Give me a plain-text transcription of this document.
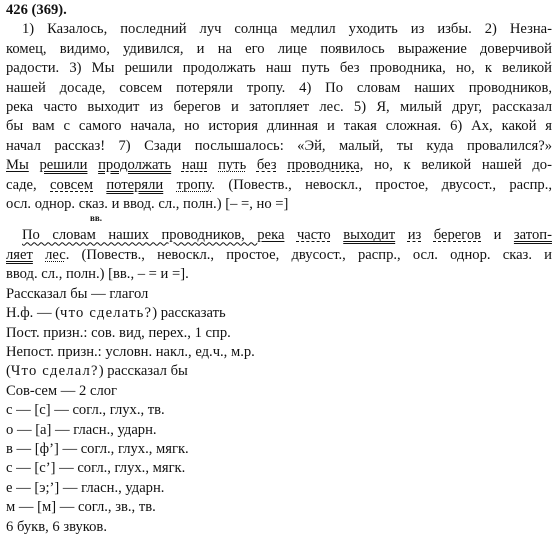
426 (369).
1) Казалось, последний луч солнца медлил уходить из избы. 2) Незна-
комец, видимо, удивился, и на его лице появилось выражение доверчивой
радости. 3) Мы решили продолжать наш путь без проводника, но, к великой
нашей досаде, совсем потеряли тропу. 4) По словам наших проводников,
река часто выходит из берегов и затопляет лес. 5) Я, милый друг, рассказал
бы вам с самого начала, но история длинная и такая сложная. 6) Ах, какой я
начал рассказ! 7) Сзади послышалось: «Эй, малый, ты куда провалился?»
Мы решили продолжать наш путь без проводника, но, к великой нашей до-
саде, совсем потеряли тропу. (Повеств., невоскл., простое, двусост., распр.,
осл. однор. сказ. и ввод. сл., полн.) [– =, но =]
вв.
По словам наших проводников, река часто выходит из берегов и затоп-
ляет лес. (Повеств., невоскл., простое, двусост., распр., осл. однор. сказ. и
ввод. сл., полн.) [вв., – = и =].
Рассказал бы — глагол
Н.ф. — (что сделать?) рассказать
Пост. призн.: сов. вид, перех., 1 спр.
Непост. призн.: условн. накл., ед.ч., м.р.
(Что сделал?) рассказал бы
Сов-сем — 2 слог
с — [с] — согл., глух., тв.
о — [а] — гласн., ударн.
в — [ф’] — согл., глух., мягк.
с — [с’] — согл., глух., мягк.
е — [э;’] — гласн., ударн.
м — [м] — согл., зв., тв.
6 букв, 6 звуков.
